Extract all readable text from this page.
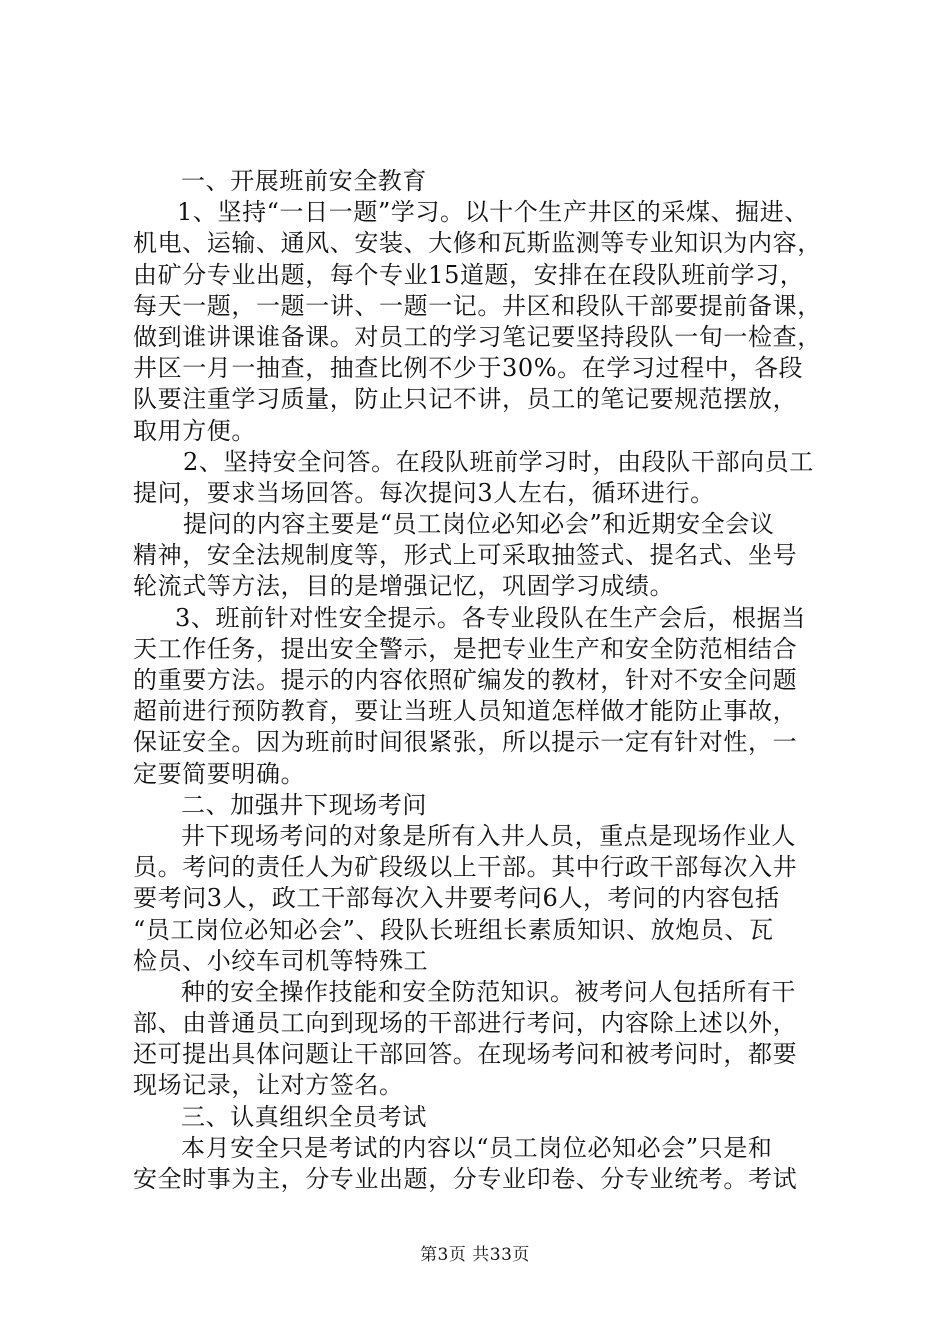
一、开展班前安全教育
1、坚持“一日一题”学习。以十个生产井区的采煤、掘进、
机电、运输、通风、安装、大修和瓦斯监测等专业知识为内容，
由矿分专业出题，每个专业15道题，安排在在段队班前学习，
每天一题，一题一讲、一题一记。井区和段队干部要提前备课，
做到谁讲课谁备课。对员工的学习笔记要坚持段队一旬一检查，
井区一月一抽查，抽查比例不少于30%。在学习过程中，各段
队要注重学习质量，防止只记不讲，员工的笔记要规范摆放，
取用方便。
2、坚持安全问答。在段队班前学习时，由段队干部向员工
提问，要求当场回答。每次提问3人左右，循环进行。
提问的内容主要是“员工岗位必知必会”和近期安全会议
精神，安全法规制度等，形式上可采取抽签式、提名式、坐号
轮流式等方法，目的是增强记忆，巩固学习成绩。
3、班前针对性安全提示。各专业段队在生产会后，根据当
天工作任务，提出安全警示，是把专业生产和安全防范相结合
的重要方法。提示的内容依照矿编发的教材，针对不安全问题
超前进行预防教育，要让当班人员知道怎样做才能防止事故，
保证安全。因为班前时间很紧张，所以提示一定有针对性，一
定要简要明确。
二、加强井下现场考问
井下现场考问的对象是所有入井人员，重点是现场作业人
员。考问的责任人为矿段级以上干部。其中行政干部每次入井
要考问3人，政工干部每次入井要考问6人，考问的内容包括
“员工岗位必知必会”、段队长班组长素质知识、放炮员、瓦
检员、小绞车司机等特殊工
种的安全操作技能和安全防范知识。被考问人包括所有干
部、由普通员工向到现场的干部进行考问，内容除上述以外，
还可提出具体问题让干部回答。在现场考问和被考问时，都要
现场记录，让对方签名。
三、认真组织全员考试
本月安全只是考试的内容以“员工岗位必知必会”只是和
安全时事为主，分专业出题，分专业印卷、分专业统考。考试
第3页 共33页
